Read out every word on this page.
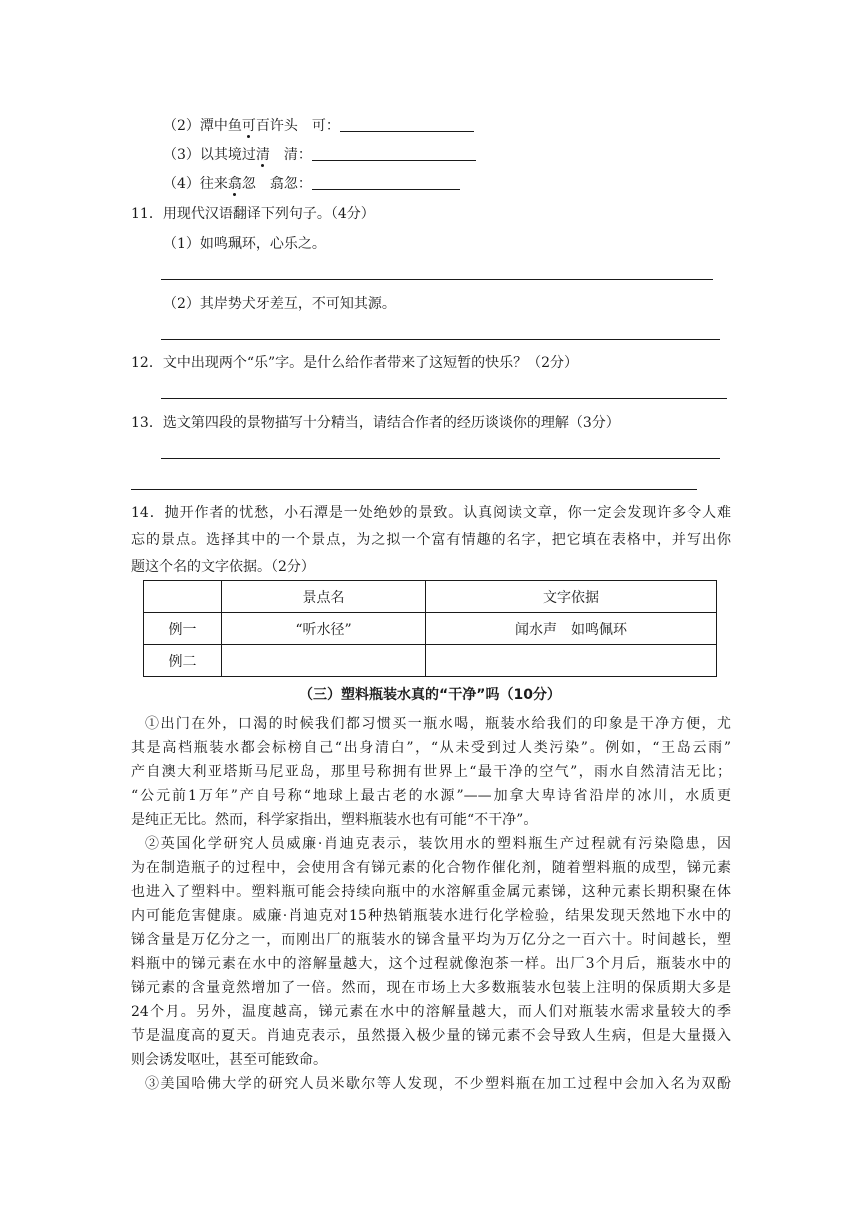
（2）潭中鱼可百许头　 可：
（3）以其境过清　 清：
（4）往来翕忽　 翕忽：
11．用现代汉语翻译下列句子。（4分）
（1）如鸣珮环，心乐之。
（2）其岸势犬牙差互，不可知其源。
12．文中出现两个“乐”字。是什么给作者带来了这短暂的快乐？（2分）
13．选文第四段的景物描写十分精当，请结合作者的经历谈谈你的理解（3分）

14．抛开作者的忧愁，小石潭是一处绝妙的景致。认真阅读文章，你一定会发现许多令人难

忘的景点。选择其中的一个景点，为之拟一个富有情趣的名字，把它填在表格中，并写出你

题这个名的文字依据。（2分）

	景点名	文字依据
例一	“听水径”	闻水声　如鸣佩环
例二		
（三）塑料瓶装水真的“干净”吗（10分）

①出门在外，口渴的时候我们都习惯买一瓶水喝，瓶装水给我们的印象是干净方便，尤

其是高档瓶装水都会标榜自己“出身清白”，“从未受到过人类污染”。例如，“王岛云雨”

产自澳大利亚塔斯马尼亚岛，那里号称拥有世界上“最干净的空气”，雨水自然清洁无比；

“公元前1万年”产自号称“地球上最古老的水源”——加拿大卑诗省沿岸的冰川，水质更

是纯正无比。然而，科学家指出，塑料瓶装水也有可能“不干净”。

②英国化学研究人员威廉·肖迪克表示，装饮用水的塑料瓶生产过程就有污染隐患，因

为在制造瓶子的过程中，会使用含有锑元素的化合物作催化剂，随着塑料瓶的成型，锑元素

也进入了塑料中。塑料瓶可能会持续向瓶中的水溶解重金属元素锑，这种元素长期积聚在体

内可能危害健康。威廉·肖迪克对15种热销瓶装水进行化学检验，结果发现天然地下水中的

锑含量是万亿分之一，而刚出厂的瓶装水的锑含量平均为万亿分之一百六十。时间越长，塑

料瓶中的锑元素在水中的溶解量越大，这个过程就像泡茶一样。出厂3个月后，瓶装水中的

锑元素的含量竟然增加了一倍。然而，现在市场上大多数瓶装水包装上注明的保质期大多是

24个月。另外，温度越高，锑元素在水中的溶解量越大，而人们对瓶装水需求量较大的季

节是温度高的夏天。肖迪克表示，虽然摄入极少量的锑元素不会导致人生病，但是大量摄入

则会诱发呕吐，甚至可能致命。

③美国哈佛大学的研究人员米歇尔等人发现，不少塑料瓶在加工过程中会加入名为双酚
